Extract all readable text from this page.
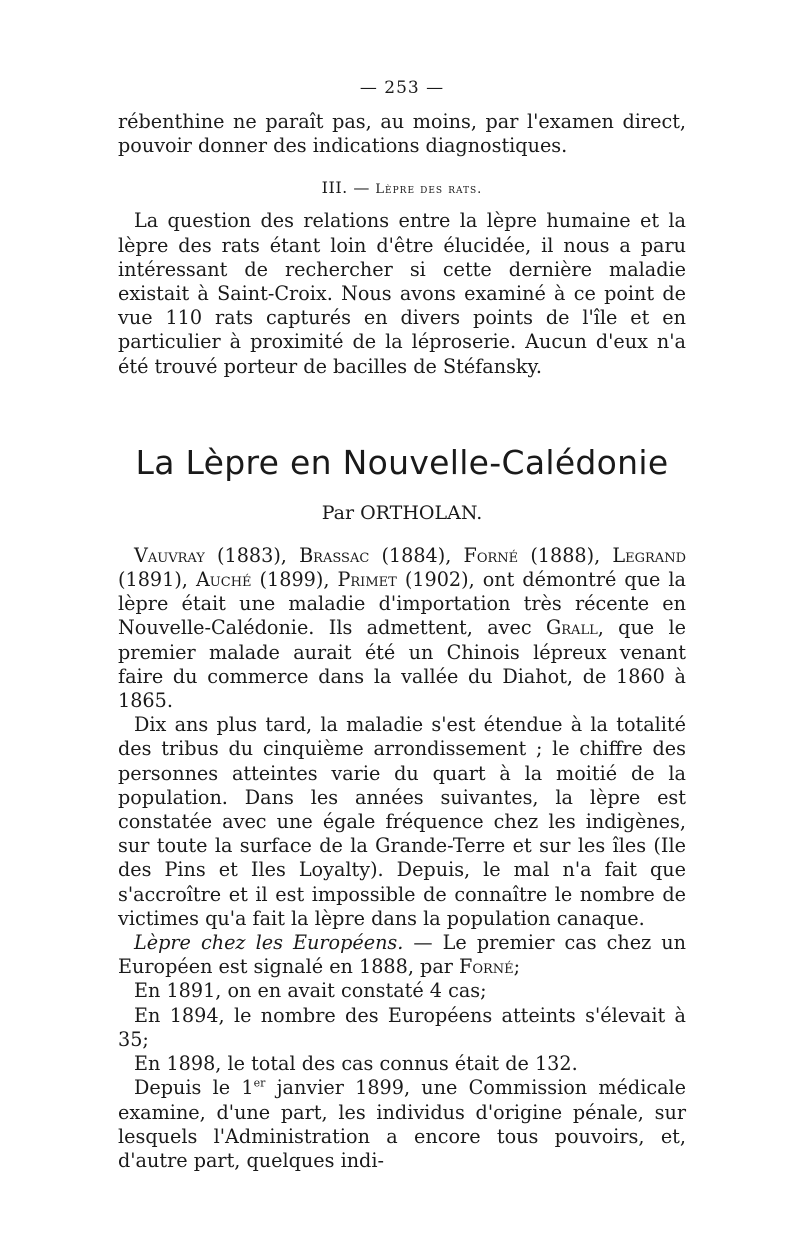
— 253 —

rébenthine ne paraît pas, au moins, par l'examen direct, pouvoir donner des indications diagnostiques.

III. — Lèpre des rats.

La question des relations entre la lèpre humaine et la lèpre des rats étant loin d'être élucidée, il nous a paru intéressant de rechercher si cette dernière maladie existait à Saint-Croix. Nous avons examiné à ce point de vue 110 rats capturés en divers points de l'île et en particulier à proximité de la léproserie. Aucun d'eux n'a été trouvé porteur de bacilles de Stéfansky.

La Lèpre en Nouvelle-Calédonie
Par ORTHOLAN.

Vauvray (1883), Brassac (1884), Forné (1888), Legrand (1891), Auché (1899), Primet (1902), ont démontré que la lèpre était une maladie d'importation très récente en Nouvelle-Calédonie. Ils admettent, avec Grall, que le premier malade aurait été un Chinois lépreux venant faire du commerce dans la vallée du Diahot, de 1860 à 1865.

Dix ans plus tard, la maladie s'est étendue à la totalité des tribus du cinquième arrondissement ; le chiffre des personnes atteintes varie du quart à la moitié de la population. Dans les années suivantes, la lèpre est constatée avec une égale fréquence chez les indigènes, sur toute la surface de la Grande-Terre et sur les îles (Ile des Pins et Iles Loyalty). Depuis, le mal n'a fait que s'accroître et il est impossible de connaître le nombre de victimes qu'a fait la lèpre dans la population canaque.

Lèpre chez les Européens. — Le premier cas chez un Européen est signalé en 1888, par Forné;

En 1891, on en avait constaté 4 cas;

En 1894, le nombre des Européens atteints s'élevait à 35;

En 1898, le total des cas connus était de 132.

Depuis le 1er janvier 1899, une Commission médicale examine, d'une part, les individus d'origine pénale, sur lesquels l'Administration a encore tous pouvoirs, et, d'autre part, quelques indi-
